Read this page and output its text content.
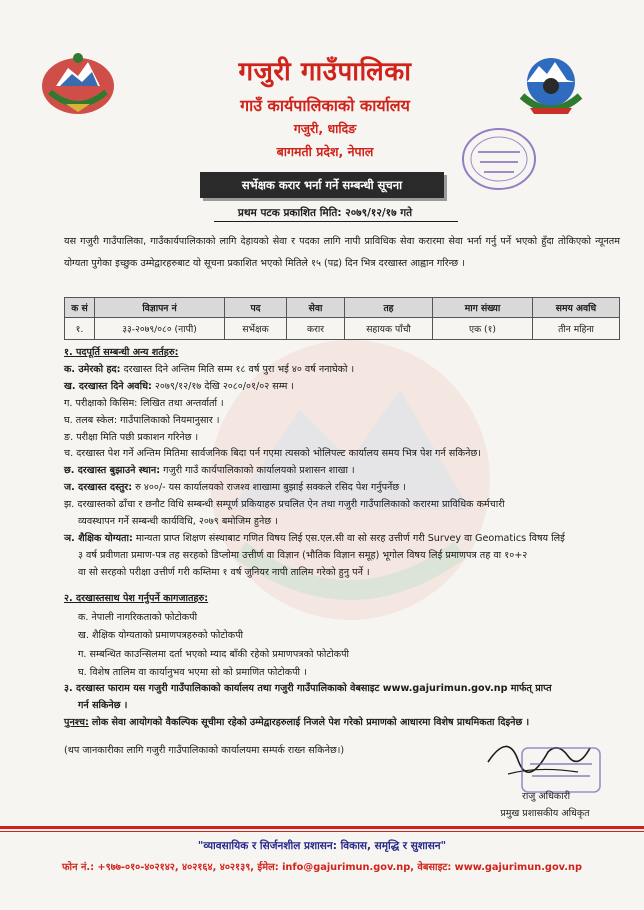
गजुरी गाउँपालिका
गाउँ कार्यपालिकाको कार्यालय
गजुरी, धादिङ
बागमती प्रदेश, नेपाल
सर्भेक्षक करार भर्ना गर्ने सम्बन्धी सूचना
प्रथम पटक प्रकाशित मिति: २०७९/१२/१७ गते

यस गजुरी गाउँपालिका, गाउँकार्यपालिकाको लागि देहायको सेवा र पदका लागि नापी प्राविधिक सेवा करारमा सेवा भर्ना गर्नु पर्ने भएको हुँदा तोकिएको न्यूनतम योग्यता पुगेका इच्छुक उम्मेद्वारहरुबाट यो सूचना प्रकाशित भएको मितिले १५ (पद्र) दिन भित्र दरखास्त आह्वान गरिन्छ ।

क सं	विज्ञापन नं	पद	सेवा	तह	माग संख्या	समय अवधि
१.	३३-२०७९/०८० (नापी)	सर्भेक्षक	करार	सहायक पाँचौ	एक (१)	तीन महिना
१. पदपूर्ति सम्बन्धी अन्य शर्तहरु:
क. उमेरको हद: दरखास्त दिने अन्तिम मिति सम्म १८ वर्ष पुरा भई ४० वर्ष ननाघेको ।
ख. दरखास्त दिने अवधि: २०७९/१२/१७ देखि २०८०/०१/०२ सम्म ।
ग. परीक्षाको किसिम: लिखित तथा अन्तर्वार्ता ।
घ. तलब स्केल: गाउँपालिकाको नियमानुसार ।
ङ. परीक्षा मिति पछी प्रकाशन गरिनेछ ।
च. दरखास्त पेश गर्ने अन्तिम मितिमा सार्वजनिक बिदा पर्न गएमा त्यसको भोलिपल्ट कार्यालय समय भित्र पेश गर्न सकिनेछ।
छ. दरखास्त बुझाउने स्थान: गजुरी गाउँ कार्यपालिकाको कार्यालयको प्रशासन शाखा ।
ज. दरखास्त दस्तुर: रु ४००/- यस कार्यालयको राजश्व शाखामा बुझाई सक्कले रसिद पेश गर्नुपर्नेछ ।
झ. दरखास्तको ढाँचा र छनौट विधि सम्बन्धी सम्पूर्ण प्रकियाहरु प्रचलित ऐन तथा गजुरी गाउँपालिकाको करारमा प्राविधिक कर्मचारी
व्यवस्थापन गर्ने सम्बन्धी कार्यविधि, २०७९ बमोजिम हुनेछ ।
ञ. शैक्षिक योग्यता: मान्यता प्राप्त शिक्षण संस्थाबाट गणित विषय लिई एस.एल.सी वा सो सरह उत्तीर्ण गरी Survey वा Geomatics विषय लिई
३ वर्ष प्रवीणता प्रमाण-पत्र तह सरहको डिप्लोमा उत्तीर्ण वा विज्ञान (भौतिक विज्ञान समूह) भूगोल विषय लिई प्रमाणपत्र तह वा १०+२
वा सो सरहको परीक्षा उत्तीर्ण गरी कम्तिमा १ वर्ष जुनियर नापी तालिम गरेको हुनु पर्ने ।
२. दरखास्तसाथ पेश गर्नुपर्ने कागजातहरु:
क. नेपाली नागरिकताको फोटोकपी
ख. शैक्षिक योग्यताको प्रमाणपत्रहरुको फोटोकपी
ग. सम्बन्धित काउन्सिलमा दर्ता भएको म्याद बाँकी रहेको प्रमाणपत्रको फोटोकपी
घ. विशेष तालिम वा कार्यानुभव भएमा सो को प्रमाणित फोटोकपी ।
३. दरखास्त फाराम यस गजुरी गाउँपालिकाको कार्यालय तथा गजुरी गाउँपालिकाको वेबसाइट www.gajurimun.gov.np मार्फत् प्राप्त
गर्न सकिनेछ ।
पुनश्च: लोक सेवा आयोगको वैकल्पिक सूचीमा रहेको उम्मेद्वारहरुलाई निजले पेश गरेको प्रमाणको आधारमा विशेष प्राथमिकता दिइनेछ ।
(थप जानकारीका लागि गजुरी गाउँपालिकाको कार्यालयमा सम्पर्क राख्न सकिनेछ।)
राजु अधिकारी
प्रमुख प्रशासकीय अधिकृत
"व्यावसायिक र सिर्जनशील प्रशासन: विकास, समृद्धि र सुशासन"
फोन नं.: +९७७-०१०-४०२१४२, ४०२१६४, ४०२१३९, ईमेल: info@gajurimun.gov.np, वेबसाइट: www.gajurimun.gov.np
